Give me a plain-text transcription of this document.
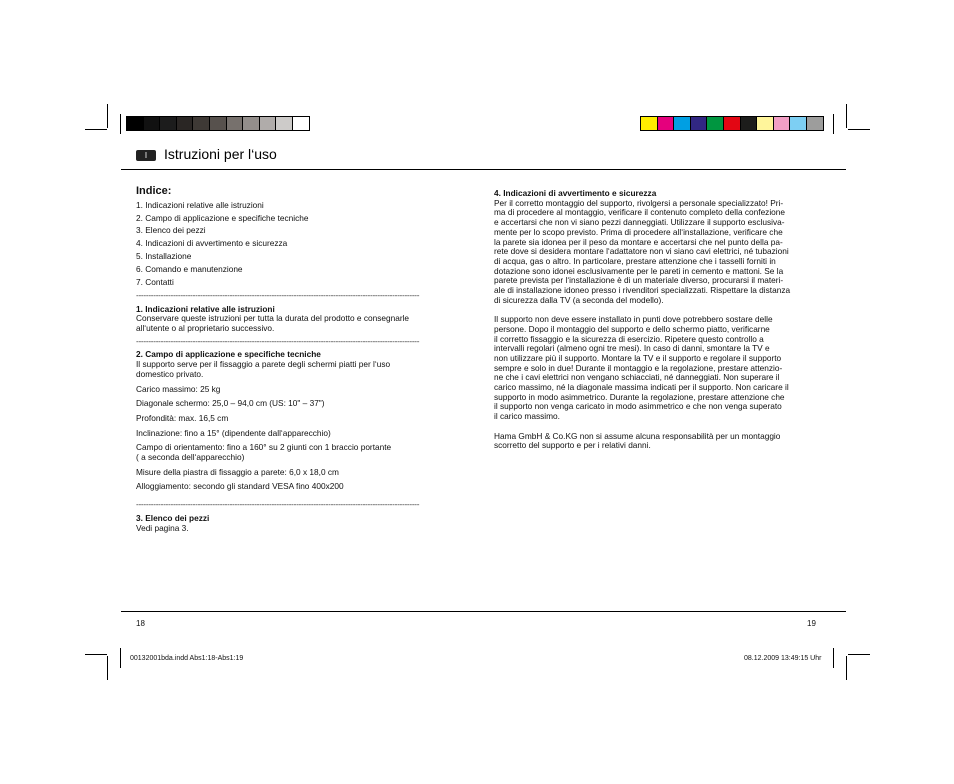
I	Istruzioni per l‘uso
Indice:

1. Indicazioni relative alle istruzioni

2. Campo di applicazione e specifiche tecniche

3. Elenco dei pezzi

4. Indicazioni di avvertimento e sicurezza

5. Installazione

6. Comando e manutenzione

7. Contatti

-------------------------------------------------------------------------------------------------------------------

1. Indicazioni relative alle istruzioni

Conservare queste istruzioni per tutta la durata del prodotto e consegnarle
all‘utente o al proprietario successivo.

-------------------------------------------------------------------------------------------------------------------

2. Campo di applicazione e specifiche tecniche

Il supporto serve per il fissaggio a parete degli schermi piatti per l‘uso
domestico privato.

Carico massimo: 25 kg

Diagonale schermo: 25,0 – 94,0 cm (US: 10" – 37")

Profondità: max. 16,5 cm

Inclinazione: fino a 15° (dipendente dall‘apparecchio)

Campo di orientamento: fino a 160° su 2 giunti con 1 braccio portante
( a seconda dell‘apparecchio)

Misure della piastra di fissaggio a parete: 6,0 x 18,0 cm

Alloggiamento: secondo gli standard VESA fino 400x200

-------------------------------------------------------------------------------------------------------------------

3. Elenco dei pezzi

Vedi pagina 3.

4. Indicazioni di avvertimento e sicurezza

Per il corretto montaggio del supporto, rivolgersi a personale specializzato! Pri-
ma di procedere al montaggio, verificare il contenuto completo della confezione
e accertarsi che non vi siano pezzi danneggiati. Utilizzare il supporto esclusiva-
mente per lo scopo previsto. Prima di procedere all‘installazione, verificare che
la parete sia idonea per il peso da montare e accertarsi che nel punto della pa-
rete dove si desidera montare l‘adattatore non vi siano cavi elettrici, né tubazioni
di acqua, gas o altro. In particolare, prestare attenzione che i tasselli forniti in
dotazione sono idonei esclusivamente per le pareti in cemento e mattoni. Se la
parete prevista per l‘installazione è di un materiale diverso, procurarsi il materi-
ale di installazione idoneo presso i rivenditori specializzati. Rispettare la distanza
di sicurezza dalla TV (a seconda del modello).

Il supporto non deve essere installato in punti dove potrebbero sostare delle
persone. Dopo il montaggio del supporto e dello schermo piatto, verificarne
il corretto fissaggio e la sicurezza di esercizio. Ripetere questo controllo a
intervalli regolari (almeno ogni tre mesi). In caso di danni, smontare la TV e
non utilizzare più il supporto. Montare la TV e il supporto e regolare il supporto
sempre e solo in due! Durante il montaggio e la regolazione, prestare attenzio-
ne che i cavi elettrici non vengano schiacciati, né danneggiati. Non superare il
carico massimo, né la diagonale massima indicati per il supporto. Non caricare il
supporto in modo asimmetrico. Durante la regolazione, prestare attenzione che
il supporto non venga caricato in modo asimmetrico e che non venga superato
il carico massimo.

Hama GmbH & Co.KG non si assume alcuna responsabilità per un montaggio
scorretto del supporto e per i relativi danni.

18	19
00132001bda.indd Abs1:18-Abs1:19	08.12.2009 13:49:15 Uhr
